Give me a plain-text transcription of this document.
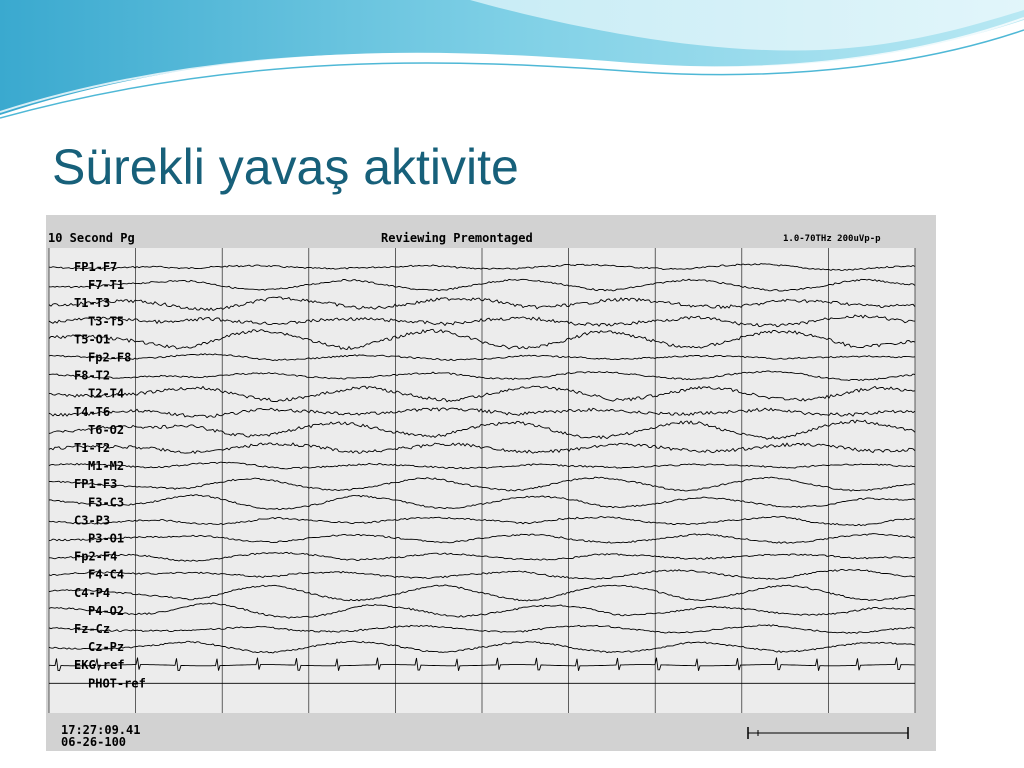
Sürekli yavaş aktivite
10 Second Pg	Reviewing Premontaged	1.0-70THz 200uVp-p
FP1-F7
F7-T1
T1-T3
T3-T5
T5-O1
Fp2-F8
F8-T2
T2-T4
T4-T6
T6-O2
T1-T2
M1-M2
FP1-F3
F3-C3
C3-P3
P3-O1
Fp2-F4
F4-C4
C4-P4
P4-O2
Fz-Cz
Cz-Pz
EKG-ref
PHOT-ref
17:27:09.41
06-26-100
